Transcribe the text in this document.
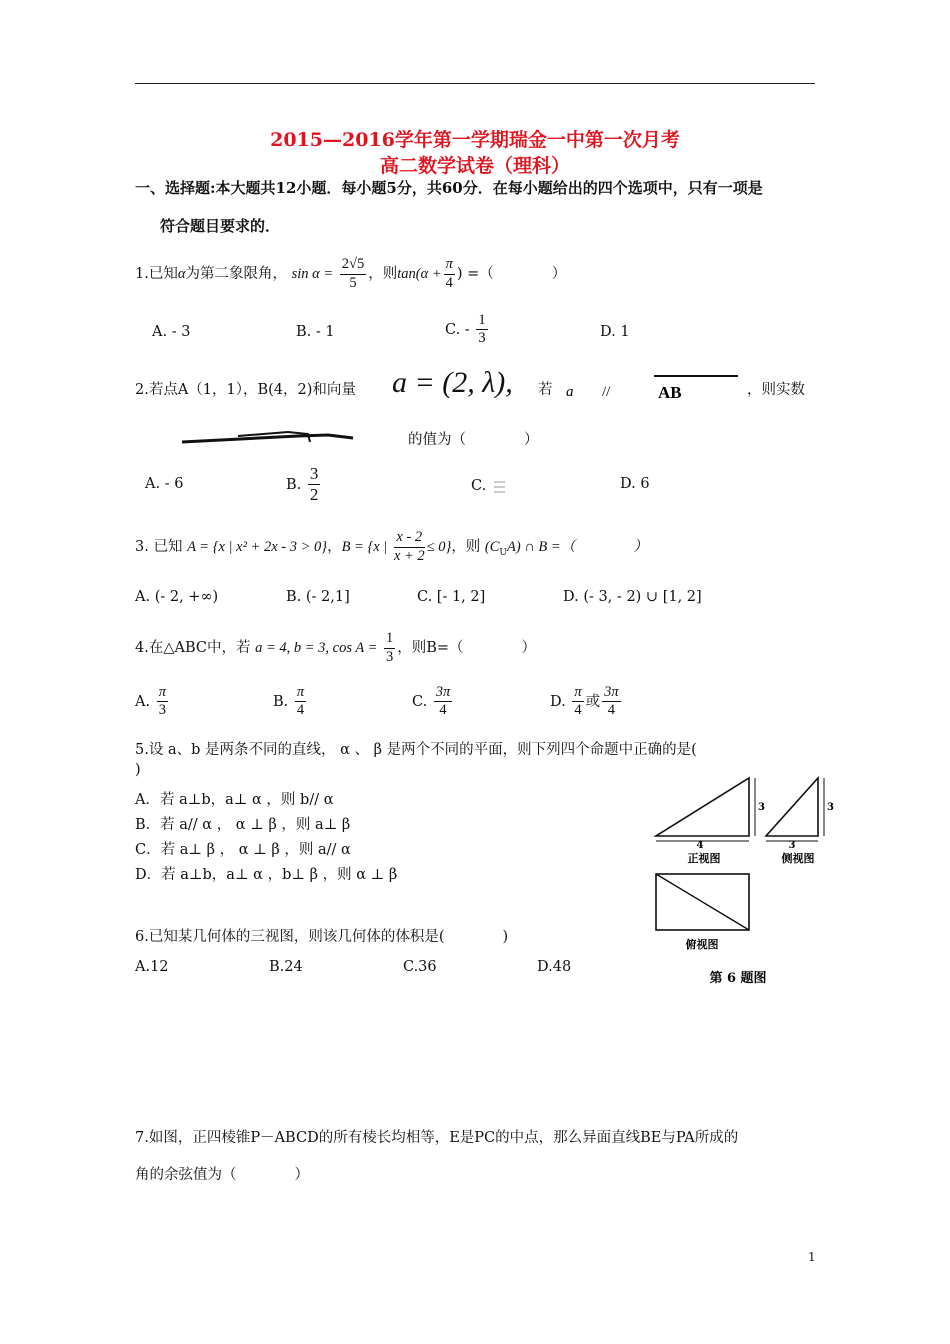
2015—2016学年第一学期瑞金一中第一次月考
高二数学试卷（理科）
一、选择题:本大题共12小题．每小题5分，共60分．在每小题给出的四个选项中，只有一项是
符合题目要求的．
1.已知α为第二象限角， $\sin \alpha = \frac{2√5}{5}$ ，则$\tan(\alpha + \frac{\pi}{4}$ ) =（　　　　）
A. - 3	B. - 1	C. - $\frac{1}{3}$	D. 1
2.若点A（1，1），B(4，2)和向量 a = (2, λ), 若 a //	AB	，则实数
的值为（　　　　）
A. - 6	B. $\frac{3}{2}$	C.	D. 6
3. 已知 A = {x | x² + 2x - 3 > 0}，B = {x | $\frac{x - 2}{x + 2} \le 0$}，则 $(C_UA)$ ∩ B =（　　　　）
A. (- 2, +∞)	B. (- 2,1]	C. [- 1, 2]	D. (- 3, - 2) ∪ [1, 2]
4.在△ABC中，若 a = 4, b = 3, $\cos A = \frac{1}{3}$ ，则B=（　　　　）
A. $\frac{\pi}{3}$	B. $\frac{\pi}{4}$	C. $\frac{3\pi}{4}$	D. $\frac{\pi}{4}$ 或 $\frac{3\pi}{4}$
5.设 a、b 是两条不同的直线， α 、 β 是两个不同的平面，则下列四个命题中正确的是(
)
A．若 a⊥b，a⊥ α ，则 b// α
B．若 a// α ， α ⊥ β ，则 a⊥ β
C．若 a⊥ β ， α ⊥ β ，则 a// α
D．若 a⊥b，a⊥ α ，b⊥ β ，则 α ⊥ β
6.已知某几何体的三视图，则该几何体的体积是(　　　　)
A.12	B.24	C.36	D.48
4
3
正视图
3
3
侧视图
俯视图
第 6 题图
7.如图，正四棱锥P－ABCD的所有棱长均相等，E是PC的中点，那么异面直线BE与PA所成的
角的余弦值为（　　　　）
1
